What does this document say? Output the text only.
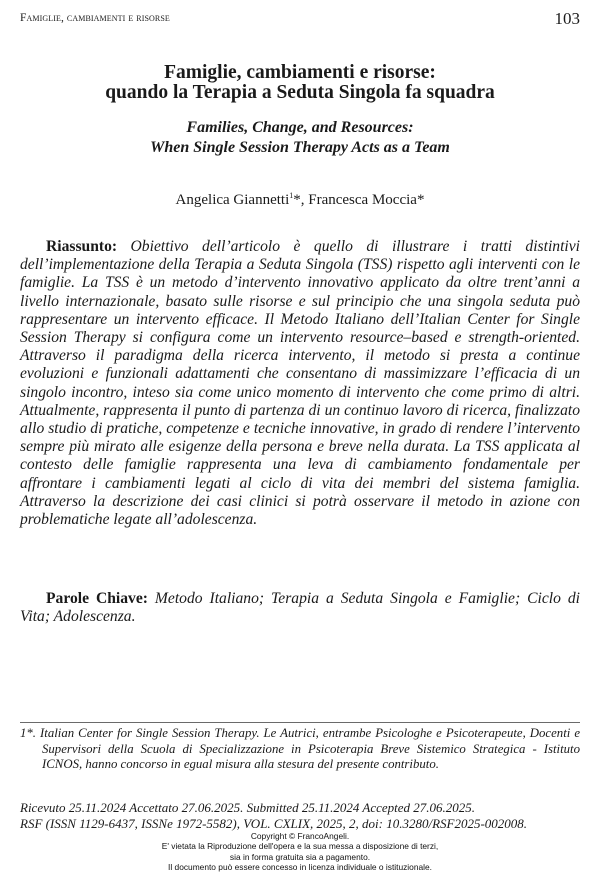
Famiglie, cambiamenti e risorse	103
Famiglie, cambiamenti e risorse:
quando la Terapia a Seduta Singola fa squadra
Families, Change, and Resources:
When Single Session Therapy Acts as a Team
Angelica Giannetti$^1$*, Francesca Moccia*
Riassunto: Obiettivo dell’articolo è quello di illustrare i tratti distintivi dell’implementazione della Terapia a Seduta Singola (TSS) rispetto agli interventi con le famiglie. La TSS è un metodo d’intervento innovativo applicato da oltre trent’anni a livello internazionale, basato sulle risorse e sul principio che una singola seduta può rappresentare un intervento efficace. Il Metodo Italiano dell’Italian Center for Single Session Therapy si configura come un intervento resource–based e strength-oriented. Attraverso il paradigma della ricerca intervento, il metodo si presta a continue evoluzioni e funzionali adattamenti che consentano di massimizzare l’efficacia di un singolo incontro, inteso sia come unico momento di intervento che come primo di altri. Attualmente, rappresenta il punto di partenza di un continuo lavoro di ricerca, finalizzato allo studio di pratiche, competenze e tecniche innovative, in grado di rendere l’intervento sempre più mirato alle esigenze della persona e breve nella durata. La TSS applicata al contesto delle famiglie rappresenta una leva di cambiamento fondamentale per affrontare i cambiamenti legati al ciclo di vita dei membri del sistema famiglia. Attraverso la descrizione dei casi clinici si potrà osservare il metodo in azione con problematiche legate all’adolescenza.
Parole Chiave: Metodo Italiano; Terapia a Seduta Singola e Famiglie; Ciclo di Vita; Adolescenza.
1*. Italian Center for Single Session Therapy. Le Autrici, entrambe Psicologhe e Psicoterapeute, Docenti e Supervisori della Scuola di Specializzazione in Psicoterapia Breve Sistemico Strategica - Istituto ICNOS, hanno concorso in egual misura alla stesura del presente contributo.
Ricevuto 25.11.2024 Accettato 27.06.2025. Submitted 25.11.2024 Accepted 27.06.2025.
RSF (ISSN 1129-6437, ISSNe 1972-5582), VOL. CXLIX, 2025, 2, doi: 10.3280/RSF2025-002008.
Copyright © FrancoAngeli.
E' vietata la Riproduzione dell'opera e la sua messa a disposizione di terzi,
sia in forma gratuita sia a pagamento.
Il documento può essere concesso in licenza individuale o istituzionale.
